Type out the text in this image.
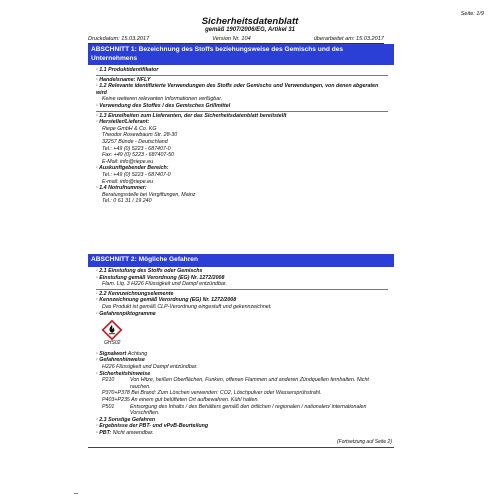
Seite: 1/9
Sicherheitsdatenblatt
gemäß 1907/2006/EG, Artikel 31
Druckdatum: 15.03.2017	Version Nr. 104	überarbeitet am: 15.03.2017
ABSCHNITT 1: Bezeichnung des Stoffs beziehungsweise des Gemischs und des Unternehmens
· 1.1 Produktidentifikator
· Handelsname: NFLY
· 1.2 Relevante identifizierte Verwendungen des Stoffs oder Gemischs und Verwendungen, von denen abgeraten wird
Keine weiteren relevanten Informationen verfügbar.
· Verwendung des Stoffes / des Gemisches Grillmittel
· 1.3 Einzelheiten zum Lieferanten, der das Sicherheitsdatenblatt bereitstellt
· Hersteller/Lieferant:
Riepe GmbH & Co. KG
Theodor Rosewbaum Str. 28-30
32257 Bünde - Deutschland
Tel.: +49 (0) 5223 - 687407-0
Fax: +49 (0) 5223 - 687407-50
E-Mail: info@riepe.eu
· Auskunftgebender Bereich:
Tel.: +49 (0) 5223 - 687407-0
E-mail: info@riepe.eu
· 1.4 Notrufnummer:
Beratungsstelle bei Vergiftungen, Mainz
Tel.: 0 61 31 / 19 240
ABSCHNITT 2: Mögliche Gefahren
· 2.1 Einstufung des Stoffs oder Gemischs
· Einstufung gemäß Verordnung (EG) Nr. 1272/2008
Flam. Liq. 3 H226 Flüssigkeit und Dampf entzündbar.
· 2.2 Kennzeichnungselemente
· Kennzeichnung gemäß Verordnung (EG) Nr. 1272/2008
Das Produkt ist gemäß CLP-Verordnung eingestuft und gekennzeichnet.
· Gefahrenpiktogramme
GHS02
· Signalwort Achtung
· Gefahrenhinweise
H226 Flüssigkeit und Dampf entzündbar.
· Sicherheitshinweise
P210	Von Hitze, heißen Oberflächen, Funken, offenen Flammen und anderen Zündquellen fernhalten. Nicht rauchen.
P370+P378 Bei Brand: Zum Löschen verwenden: CO2, Löschpulver oder Wassersprühstrahl.
P403+P235 An einem gut belüfteten Ort aufbewahren. Kühl halten.
P501	Entsorgung des Inhalts / des Behälters gemäß den örtlichen / regionalen / nationalen/ internationalen Vorschriften.
· 2.3 Sonstige Gefahren
· Ergebnisse der PBT- und vPvB-Beurteilung
· PBT: Nicht anwendbar.
(Fortsetzung auf Seite 2)
